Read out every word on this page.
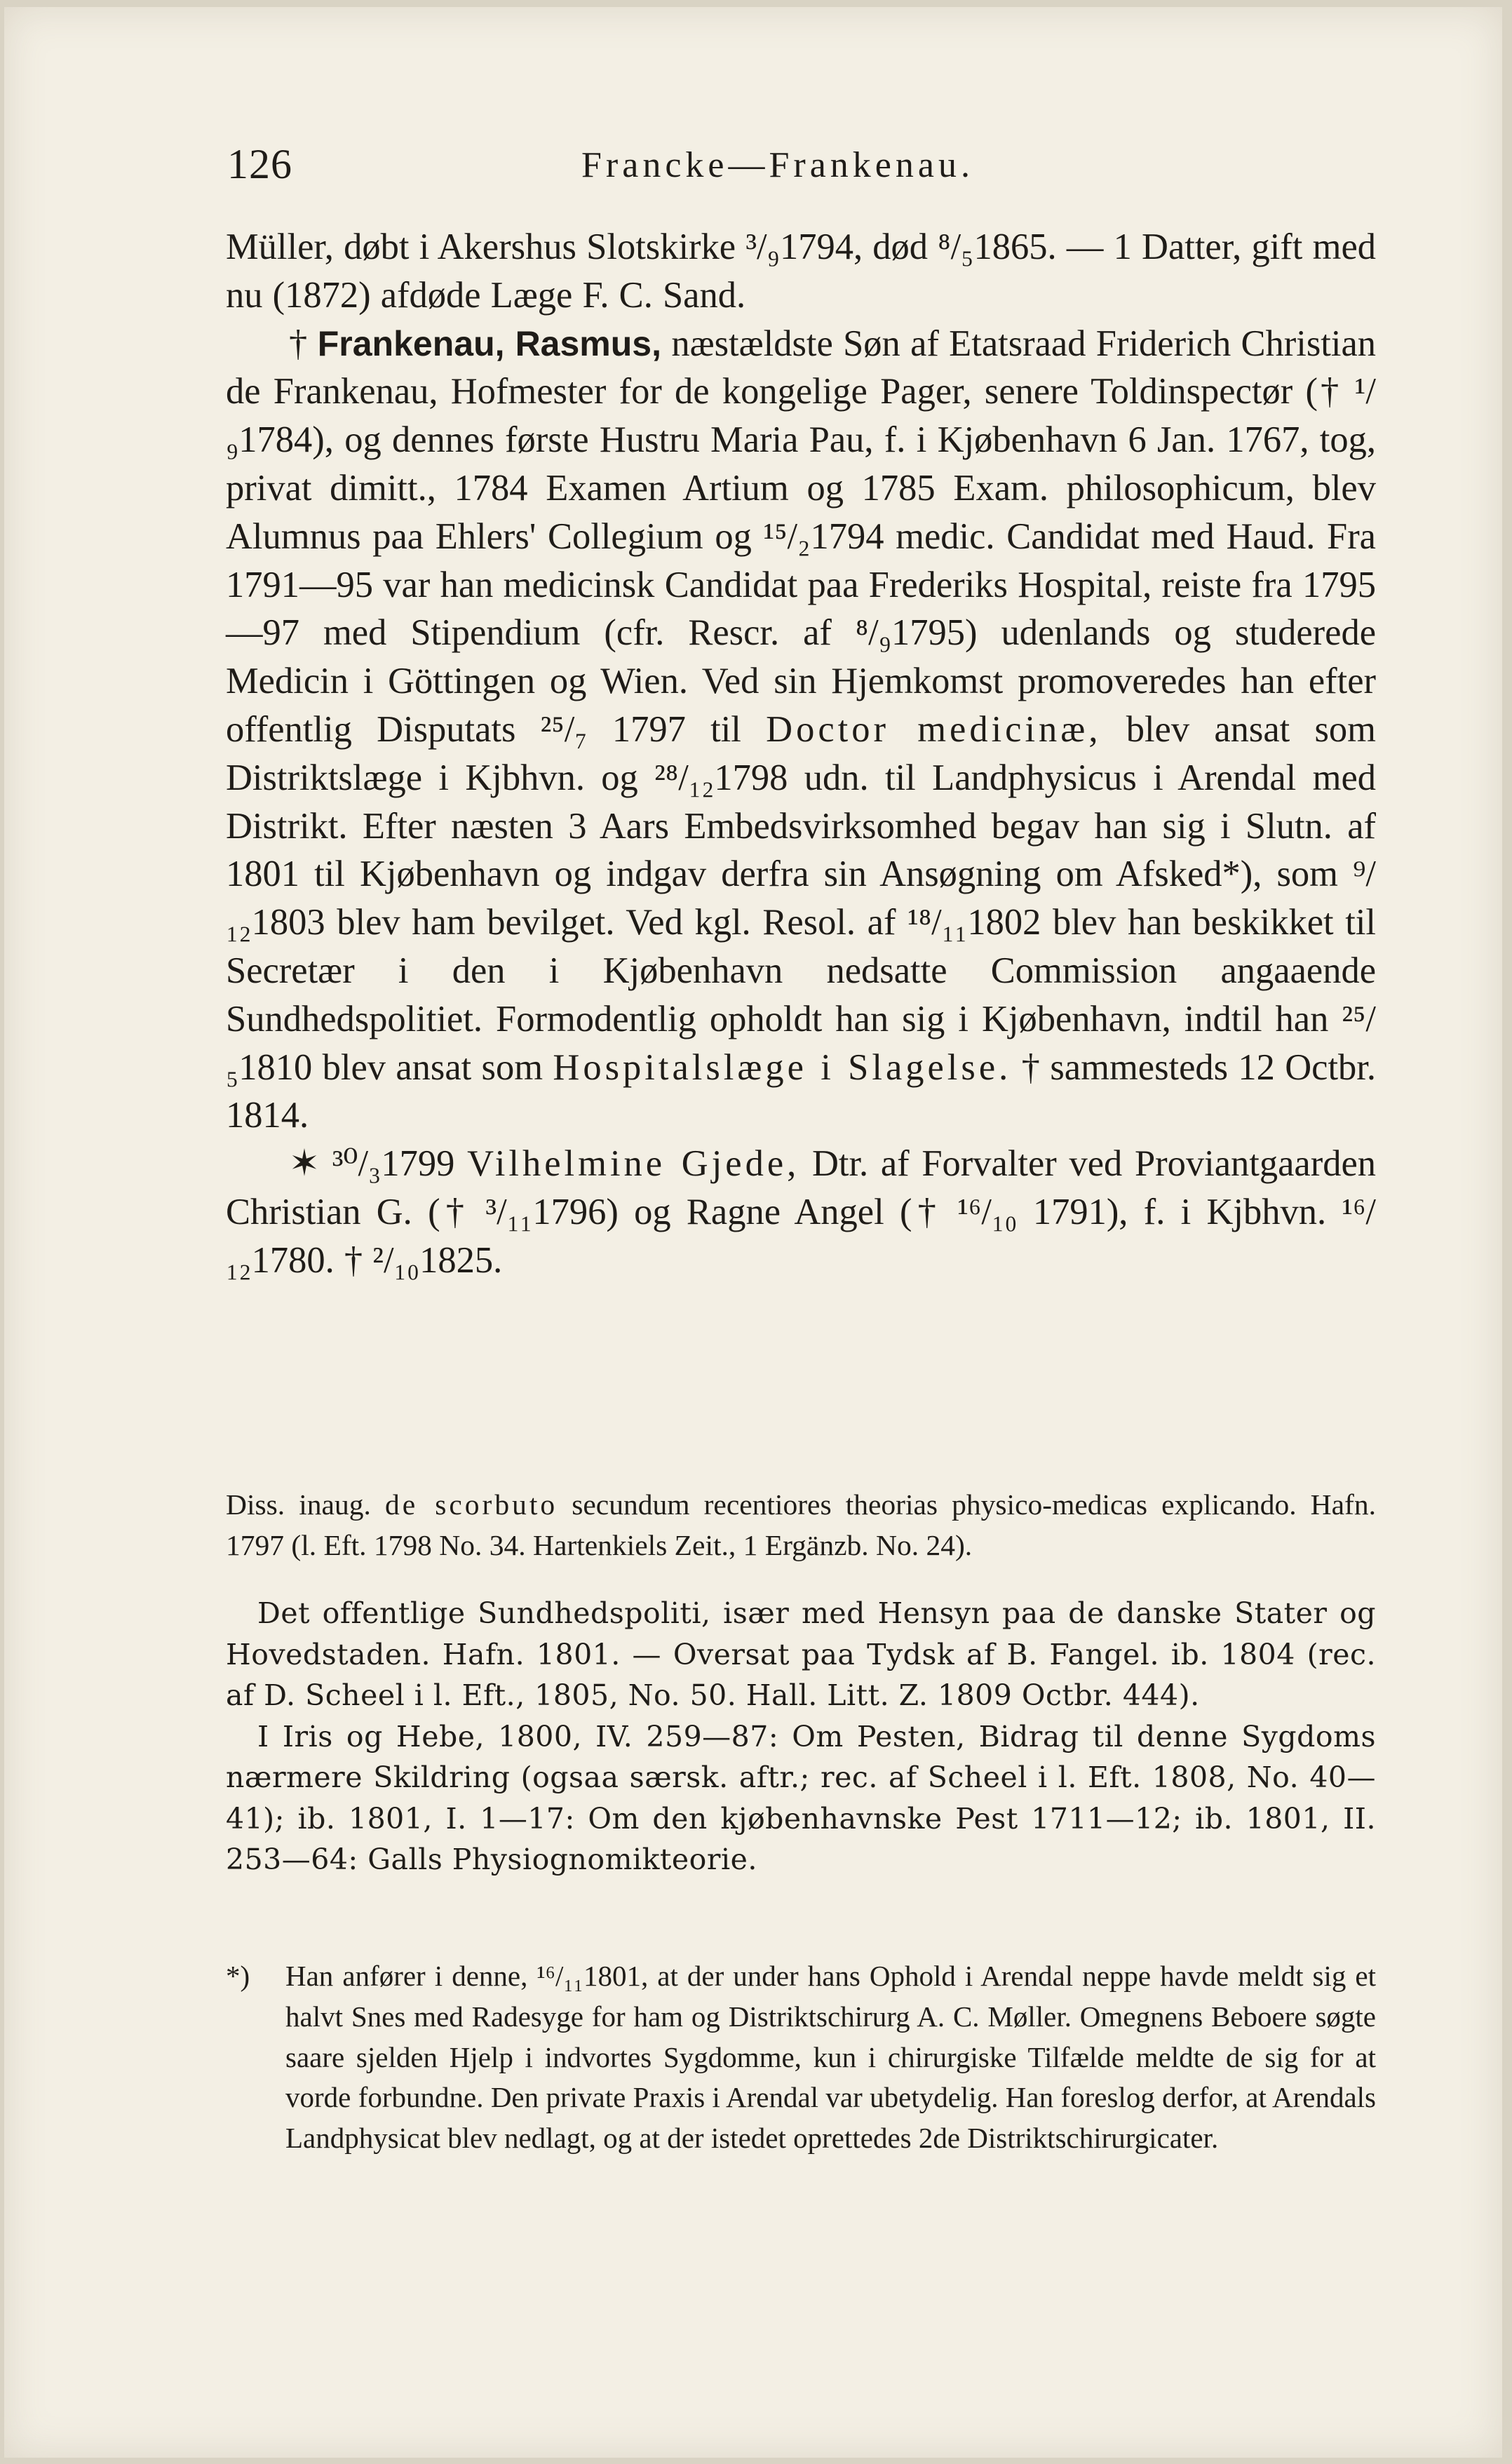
126	Francke—Frankenau.

Müller, døbt i Akershus Slotskirke ³/₉1794, død ⁸/₅1865. — 1 Datter, gift med nu (1872) afdøde Læge F. C. Sand.

† Frankenau, Rasmus, næstældste Søn af Etatsraad Friderich Christian de Frankenau, Hofmester for de kongelige Pager, senere Toldinspectør († ¹/₉1784), og dennes første Hustru Maria Pau, f. i Kjøbenhavn 6 Jan. 1767, tog, privat dimitt., 1784 Examen Artium og 1785 Exam. philosophicum, blev Alumnus paa Ehlers' Collegium og ¹⁵/₂1794 medic. Candidat med Haud. Fra 1791—95 var han medicinsk Candidat paa Frederiks Hospital, reiste fra 1795—97 med Stipendium (cfr. Rescr. af ⁸/₉1795) udenlands og studerede Medicin i Göttingen og Wien. Ved sin Hjemkomst promoveredes han efter offentlig Disputats ²⁵/₇ 1797 til Doctor medicinæ, blev ansat som Distriktslæge i Kjbhvn. og ²⁸/₁₂1798 udn. til Landphysicus i Arendal med Distrikt. Efter næsten 3 Aars Embedsvirksomhed begav han sig i Slutn. af 1801 til Kjøbenhavn og indgav derfra sin Ansøgning om Afsked*), som ⁹/₁₂1803 blev ham bevilget. Ved kgl. Resol. af ¹⁸/₁₁1802 blev han beskikket til Secretær i den i Kjøbenhavn nedsatte Commission angaaende Sundhedspolitiet. Formodentlig opholdt han sig i Kjøbenhavn, indtil han ²⁵/₅1810 blev ansat som Hospitalslæge i Slagelse. † sammesteds 12 Octbr. 1814.

✶ ³⁰/₃1799 Vilhelmine Gjede, Dtr. af Forvalter ved Proviantgaarden Christian G. († ³/₁₁1796) og Ragne Angel († ¹⁶/₁₀ 1791), f. i Kjbhvn. ¹⁶/₁₂1780. † ²/₁₀1825.

Diss. inaug. de scorbuto secundum recentiores theorias physico-medicas explicando. Hafn. 1797 (l. Eft. 1798 No. 34. Hartenkiels Zeit., 1 Ergänzb. No. 24).

Det offentlige Sundhedspoliti, især med Hensyn paa de danske Stater og Hovedstaden. Hafn. 1801. — Oversat paa Tydsk af B. Fangel. ib. 1804 (rec. af D. Scheel i l. Eft., 1805, No. 50. Hall. Litt. Z. 1809 Octbr. 444).

I Iris og Hebe, 1800, IV. 259—87: Om Pesten, Bidrag til denne Sygdoms nærmere Skildring (ogsaa særsk. aftr.; rec. af Scheel i l. Eft. 1808, No. 40—41); ib. 1801, I. 1—17: Om den kjøbenhavnske Pest 1711—12; ib. 1801, II. 253—64: Galls Physiognomikteorie.

*) Han anfører i denne, ¹⁶/₁₁1801, at der under hans Ophold i Arendal neppe havde meldt sig et halvt Snes med Radesyge for ham og Distriktschirurg A. C. Møller. Omegnens Beboere søgte saare sjelden Hjelp i indvortes Sygdomme, kun i chirurgiske Tilfælde meldte de sig for at vorde forbundne. Den private Praxis i Arendal var ubetydelig. Han foreslog derfor, at Arendals Landphysicat blev nedlagt, og at der istedet oprettedes 2de Distriktschirurgicater.
